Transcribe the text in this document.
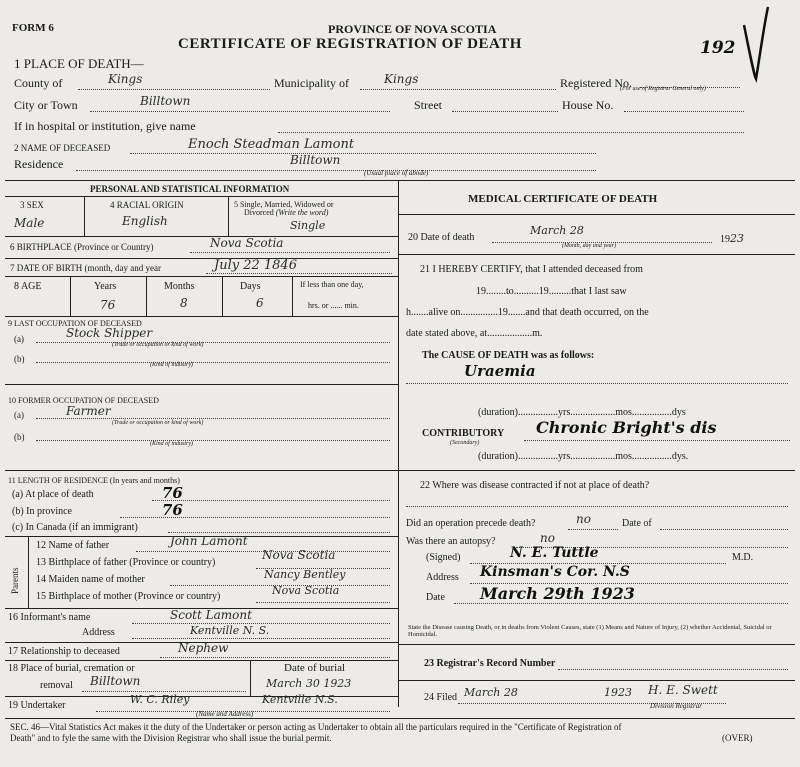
FORM 6	PROVINCE OF NOVA SCOTIA
CERTIFICATE OF REGISTRATION OF DEATH	192
1 PLACE OF DEATH—
County of	Kings	Municipality of	Kings	Registered No.
(For use of Registrar General only)
City or Town	Billtown	Street	House No.
If in hospital or institution, give name
2 NAME OF DECEASED	Enoch Steadman Lamont
Residence	Billtown
(Usual place of abode)
PERSONAL AND STATISTICAL INFORMATION
3 SEX
Male
4 RACIAL ORIGIN
English
5 Single, Married, Widowed or
Divorced (Write the word)
Single
6 BIRTHPLACE (Province or Country)	Nova Scotia
7 DATE OF BIRTH (month, day and year	July 22 1846
8 AGE	Years	Months	Days
76	8	6
If less than one day,
hrs. or ...... min.
9 LAST OCCUPATION OF DECEASED
(a)	Stock Shipper
(Trade or occupation or kind of work)
(b)
(Kind of industry)
10 FORMER OCCUPATION OF DECEASED
(a)	Farmer
(Trade or occupation or kind of work)
(b)
(Kind of industry)
11 LENGTH OF RESIDENCE (In years and months)
(a) At place of death	76
(b) In province	76
(c) In Canada (if an immigrant)
Parents
12 Name of father	John Lamont
13 Birthplace of father (Province or country)
Nova Scotia
14 Maiden name of mother	Nancy Bentley
15 Birthplace of mother (Province or country)	Nova Scotia
16 Informant's name	Scott Lamont
Address	Kentville N. S.
17 Relationship to deceased	Nephew
18 Place of burial, cremation or
removal Billtown
Date of burial
March 30 1923
19 Undertaker	W. C. Riley	Kentville N.S.
(Name and Address)
MEDICAL CERTIFICATE OF DEATH
20 Date of death
March 28
1923
(Month, day and year)
21 I HEREBY CERTIFY, that I attended deceased from
19........to..........19.........that I last saw
h.......alive on...............19.......and that death occurred, on the
date stated above, at..................m.
The CAUSE OF DEATH was as follows:
Uraemia
(duration)................yrs..................mos................dys
CONTRIBUTORY
(Secondary)
Chronic Bright's dis
(duration)................yrs..................mos................dys.
22 Where was disease contracted if not at place of death?
Did an operation precede death?	no	Date of
Was there an autopsy?	no
(Signed)	N. E. Tuttle	M.D.
Address Kinsman's Cor. N.S
Date March 29th 1923
State the Disease causing Death, or in deaths from Violent Causes, state (1) Means and Nature of Injury, (2) whether Accidental, Suicidal or Homicidal.
23 Registrar's Record Number
24 Filed March 28	1923 H. E. Swett
Division Registrar
SEC. 46—Vital Statistics Act makes it the duty of the Undertaker or person acting as Undertaker to obtain all the particulars required in the "Certificate of Registration of
Death" and to fyle the same with the Division Registrar who shall issue the burial permit.	(OVER)
